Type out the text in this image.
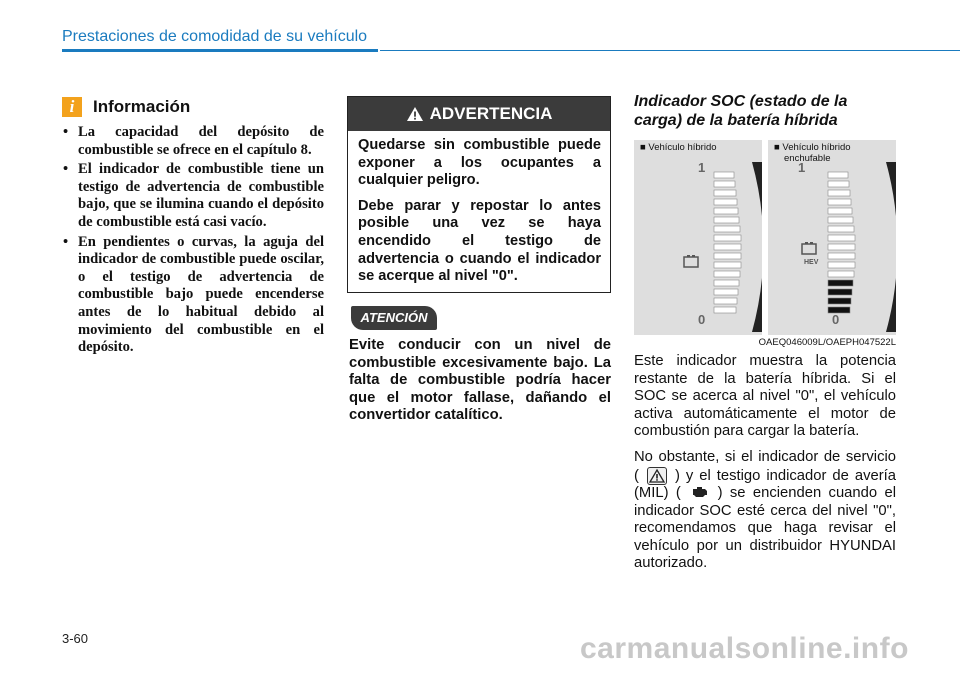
Prestaciones de comodidad de su vehículo
i	Información
• La capacidad del depósito de combustible se ofrece en el capítulo 8.
• El indicador de combustible tiene un testigo de advertencia de combustible bajo, que se ilumina cuando el depósito de combustible está casi vacío.
• En pendientes o curvas, la aguja del indicador de combustible puede oscilar, o el testigo de advertencia de combustible bajo puede encenderse antes de lo habitual debido al movimiento del combustible en el depósito.
ADVERTENCIA

Quedarse sin combustible puede exponer a los ocupantes a cualquier peligro.

Debe parar y repostar lo antes posible una vez se haya encendido el testigo de advertencia o cuando el indicador se acerque al nivel "0".

ATENCIÓN
Evite conducir con un nivel de combustible excesivamente bajo. La falta de combustible podría hacer que el motor fallase, dañando el convertidor catalítico.
Indicador SOC (estado de la carga) de la batería híbrida
■ Vehículo híbrido
1
0
■ Vehículo híbrido
enchufable
HEV
1
0
OAEQ046009L/OAEPH047522L

Este indicador muestra la potencia restante de la batería híbrida. Si el SOC se acerca al nivel "0", el vehículo activa automáticamente el motor de combustión para cargar la batería.

No obstante, si el indicador de servicio ( ) y el testigo indicador de avería (MIL) ( ) se encienden cuando el indicador SOC esté cerca del nivel "0", recomendamos que haga revisar el vehículo por un distribuidor HYUNDAI autorizado.

3-60	carmanualsonline.info
